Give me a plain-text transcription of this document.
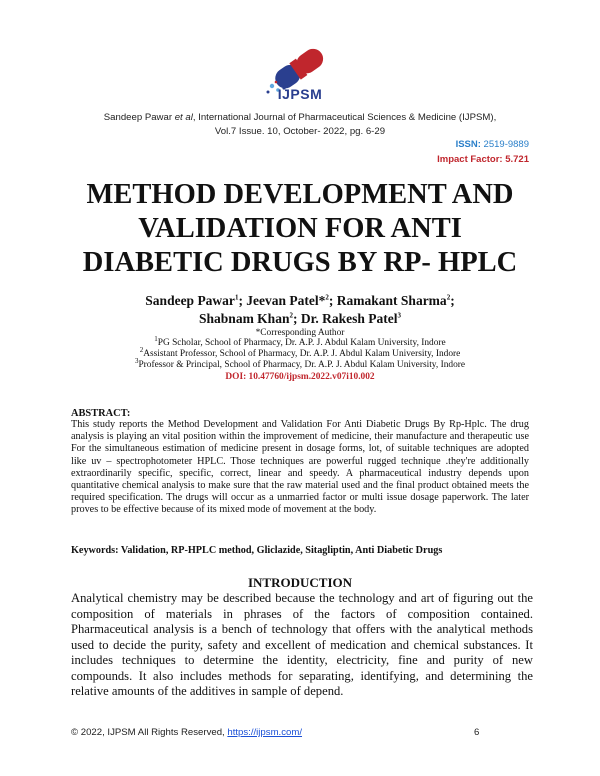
IJPSM
Sandeep Pawar et al, International Journal of Pharmaceutical Sciences & Medicine (IJPSM),
Vol.7 Issue. 10, October- 2022, pg. 6-29
ISSN: 2519-9889
Impact Factor: 5.721
METHOD DEVELOPMENT AND
VALIDATION FOR ANTI
DIABETIC DRUGS BY RP- HPLC
Sandeep Pawar$^1$; Jeevan Patel*$^2$; Ramakant Sharma$^2$;
Shabnam Khan$^2$; Dr. Rakesh Patel$^3$
*Corresponding Author
$^1$PG Scholar, School of Pharmacy, Dr. A.P. J. Abdul Kalam University, Indore
$^2$Assistant Professor, School of Pharmacy, Dr. A.P. J. Abdul Kalam University, Indore
$^3$Professor & Principal, School of Pharmacy, Dr. A.P. J. Abdul Kalam University, Indore
DOI: 10.47760/ijpsm.2022.v07i10.002
ABSTRACT:
This study reports the Method Development and Validation For Anti Diabetic Drugs By Rp-Hplc. The drug analysis is playing an vital position within the improvement of medicine, their manufacture and therapeutic use For the simultaneous estimation of medicine present in dosage forms, lot, of suitable techniques are adopted like uv – spectrophotometer HPLC. Those techniques are powerful rugged technique .they're additionally extraordinarily specific, specific, correct, linear and speedy. A pharmaceutical industry depends upon quantitative chemical analysis to make sure that the raw material used and the final product obtained meets the required specification. The drugs will occur as a unmarried factor or multi issue dosage paperwork. The later proves to be effective because of its mixed mode of movement at the body.
Keywords: Validation, RP-HPLC method, Gliclazide, Sitagliptin, Anti Diabetic Drugs
INTRODUCTION
Analytical chemistry may be described because the technology and art of figuring out the composition of materials in phrases of the factors of composition contained. Pharmaceutical analysis is a bench of technology that offers with the analytical methods used to decide the purity, safety and excellent of medication and chemical substances. It includes techniques to determine the identity, electricity, fine and purity of new compounds. It also includes methods for separating, identifying, and determining the relative amounts of the additives in sample of depend.
© 2022, IJPSM All Rights Reserved, https://ijpsm.com/	6
